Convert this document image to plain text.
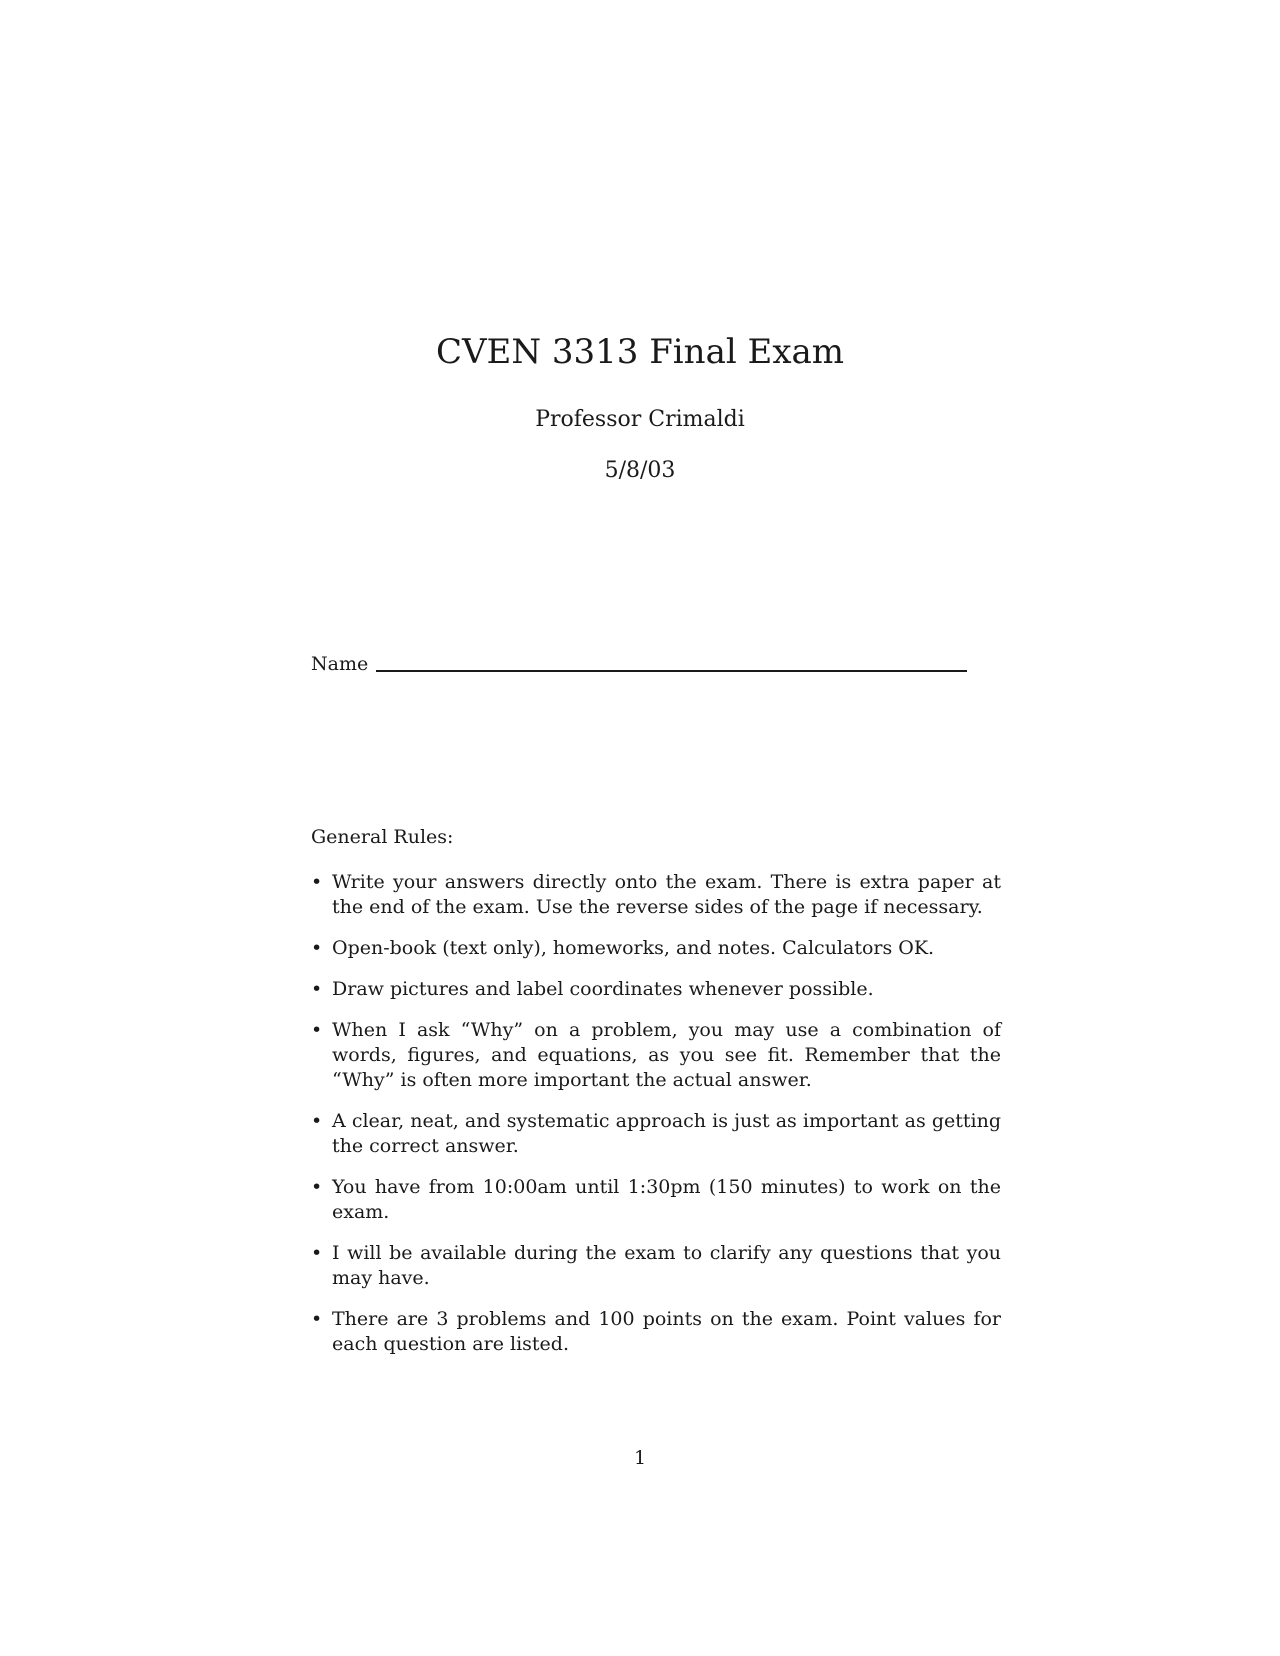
CVEN 3313 Final Exam
Professor Crimaldi
5/8/03
Name
General Rules:
• Write your answers directly onto the exam. There is extra paper at the end of the exam. Use the reverse sides of the page if necessary.
• Open-book (text only), homeworks, and notes. Calculators OK.
• Draw pictures and label coordinates whenever possible.
• When I ask “Why” on a problem, you may use a combination of words, figures, and equations, as you see fit. Remember that the “Why” is often more important the actual answer.
• A clear, neat, and systematic approach is just as important as getting the correct answer.
• You have from 10:00am until 1:30pm (150 minutes) to work on the exam.
• I will be available during the exam to clarify any questions that you may have.
• There are 3 problems and 100 points on the exam. Point values for each question are listed.
1
